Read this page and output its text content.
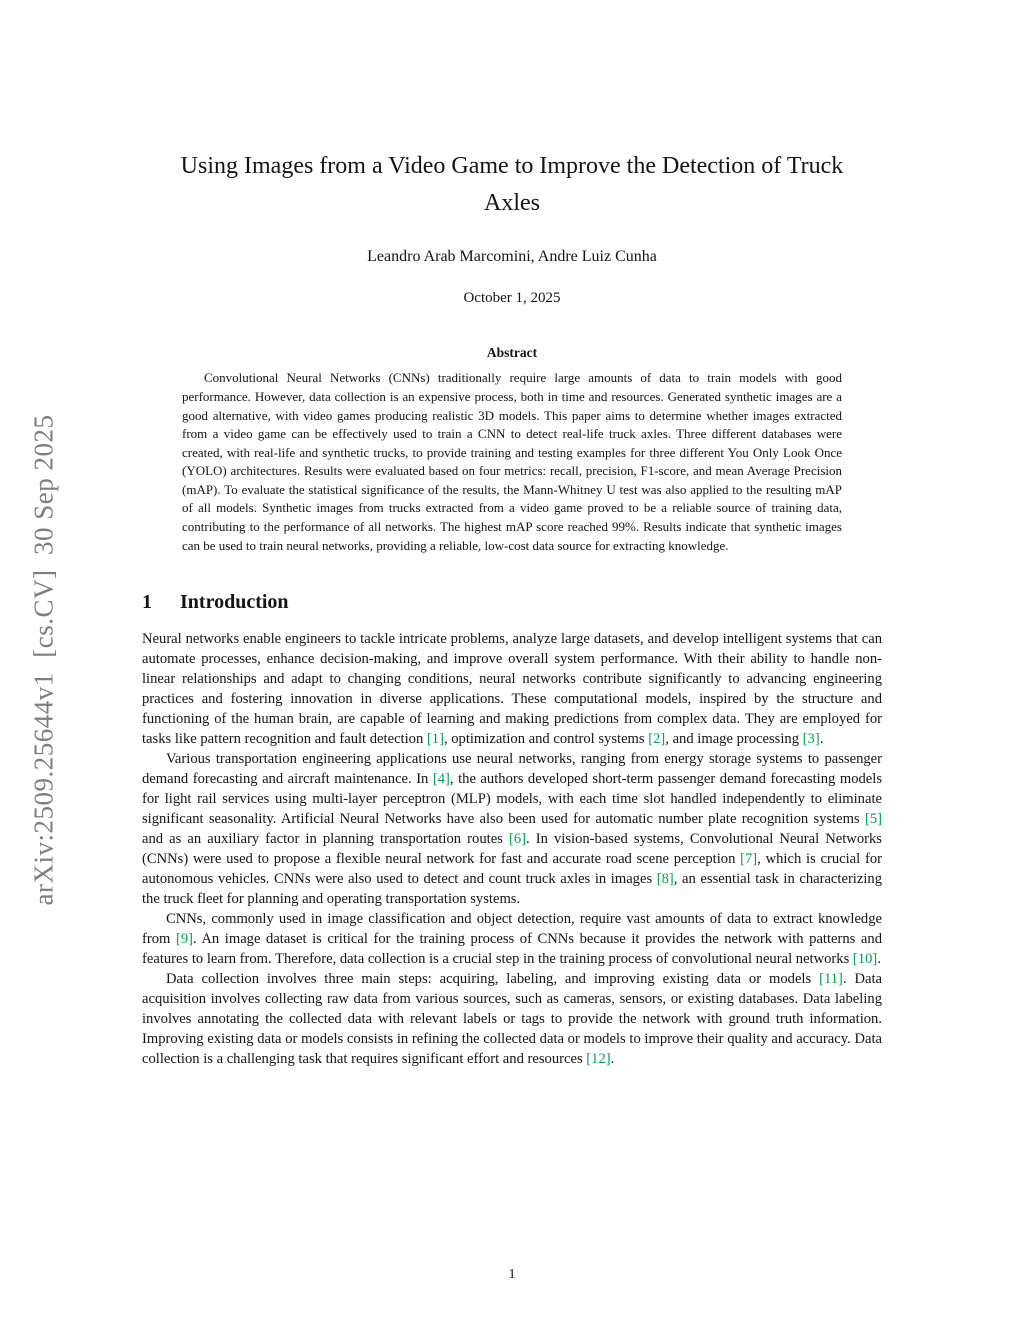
arXiv:2509.25644v1  [cs.CV]  30 Sep 2025
Using Images from a Video Game to Improve the Detection of Truck Axles
Leandro Arab Marcomini, Andre Luiz Cunha
October 1, 2025
Abstract

Convolutional Neural Networks (CNNs) traditionally require large amounts of data to train models with good performance. However, data collection is an expensive process, both in time and resources. Generated synthetic images are a good alternative, with video games producing realistic 3D models. This paper aims to determine whether images extracted from a video game can be effectively used to train a CNN to detect real-life truck axles. Three different databases were created, with real-life and synthetic trucks, to provide training and testing examples for three different You Only Look Once (YOLO) architectures. Results were evaluated based on four metrics: recall, precision, F1-score, and mean Average Precision (mAP). To evaluate the statistical significance of the results, the Mann-Whitney U test was also applied to the resulting mAP of all models. Synthetic images from trucks extracted from a video game proved to be a reliable source of training data, contributing to the performance of all networks. The highest mAP score reached 99%. Results indicate that synthetic images can be used to train neural networks, providing a reliable, low-cost data source for extracting knowledge.

1 Introduction

Neural networks enable engineers to tackle intricate problems, analyze large datasets, and develop intelligent systems that can automate processes, enhance decision-making, and improve overall system performance. With their ability to handle non-linear relationships and adapt to changing conditions, neural networks contribute significantly to advancing engineering practices and fostering innovation in diverse applications. These computational models, inspired by the structure and functioning of the human brain, are capable of learning and making predictions from complex data. They are employed for tasks like pattern recognition and fault detection [1], optimization and control systems [2], and image processing [3].

Various transportation engineering applications use neural networks, ranging from energy storage systems to passenger demand forecasting and aircraft maintenance. In [4], the authors developed short-term passenger demand forecasting models for light rail services using multi-layer perceptron (MLP) models, with each time slot handled independently to eliminate significant seasonality. Artificial Neural Networks have also been used for automatic number plate recognition systems [5] and as an auxiliary factor in planning transportation routes [6]. In vision-based systems, Convolutional Neural Networks (CNNs) were used to propose a flexible neural network for fast and accurate road scene perception [7], which is crucial for autonomous vehicles. CNNs were also used to detect and count truck axles in images [8], an essential task in characterizing the truck fleet for planning and operating transportation systems.

CNNs, commonly used in image classification and object detection, require vast amounts of data to extract knowledge from [9]. An image dataset is critical for the training process of CNNs because it provides the network with patterns and features to learn from. Therefore, data collection is a crucial step in the training process of convolutional neural networks [10].

Data collection involves three main steps: acquiring, labeling, and improving existing data or models [11]. Data acquisition involves collecting raw data from various sources, such as cameras, sensors, or existing databases. Data labeling involves annotating the collected data with relevant labels or tags to provide the network with ground truth information. Improving existing data or models consists in refining the collected data or models to improve their quality and accuracy. Data collection is a challenging task that requires significant effort and resources [12].

1
